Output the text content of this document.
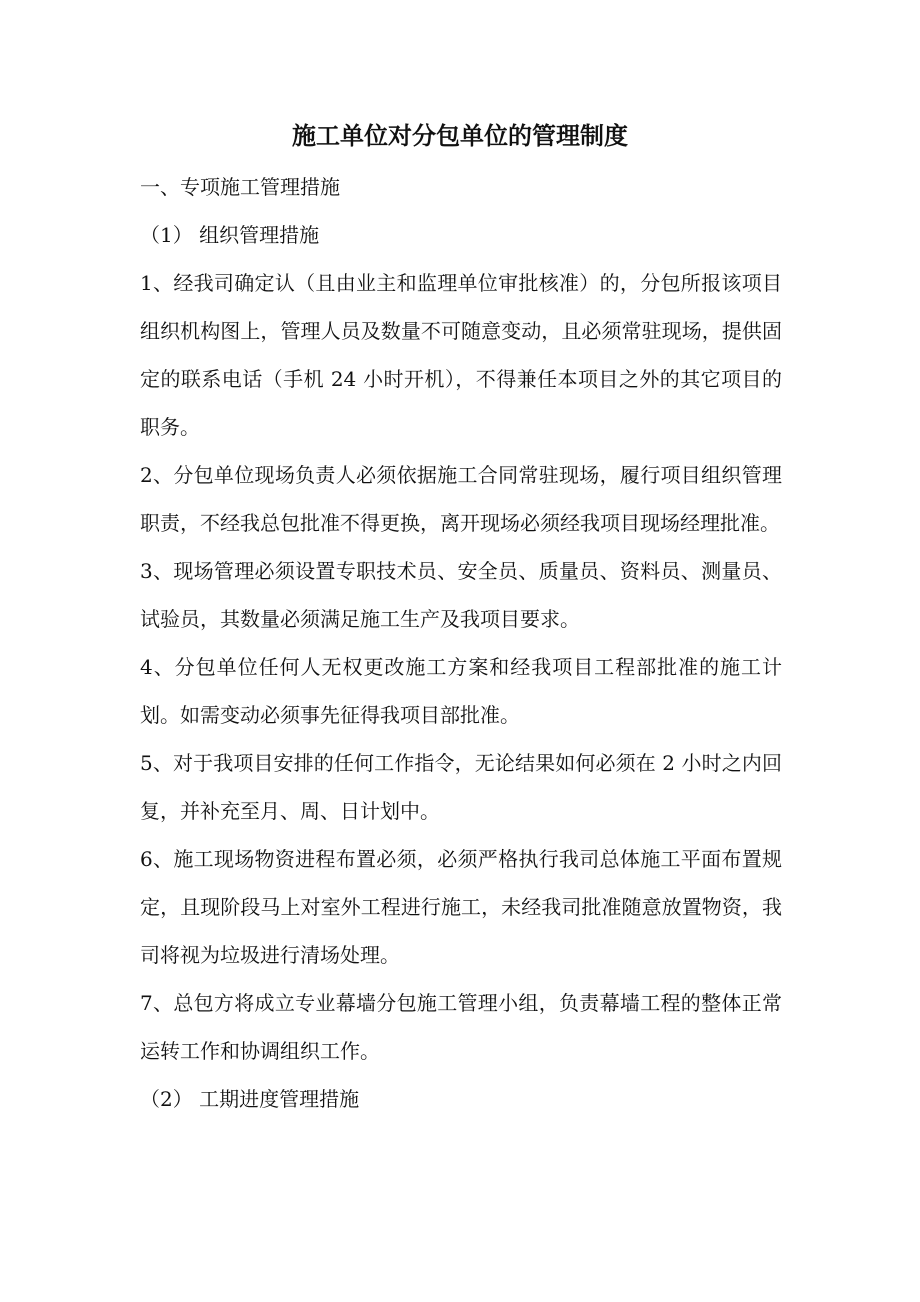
施工单位对分包单位的管理制度

一、专项施工管理措施

（1） 组织管理措施

1、经我司确定认（且由业主和监理单位审批核准）的，分包所报该项目组织机构图上，管理人员及数量不可随意变动，且必须常驻现场，提供固定的联系电话（手机 24 小时开机），不得兼任本项目之外的其它项目的职务。

2、分包单位现场负责人必须依据施工合同常驻现场，履行项目组织管理职责，不经我总包批准不得更换，离开现场必须经我项目现场经理批准。

3、现场管理必须设置专职技术员、安全员、质量员、资料员、测量员、试验员，其数量必须满足施工生产及我项目要求。

4、分包单位任何人无权更改施工方案和经我项目工程部批准的施工计划。如需变动必须事先征得我项目部批准。

5、对于我项目安排的任何工作指令，无论结果如何必须在 2 小时之内回复，并补充至月、周、日计划中。

6、施工现场物资进程布置必须，必须严格执行我司总体施工平面布置规定，且现阶段马上对室外工程进行施工，未经我司批准随意放置物资，我司将视为垃圾进行清场处理。

7、总包方将成立专业幕墙分包施工管理小组，负责幕墙工程的整体正常运转工作和协调组织工作。

（2） 工期进度管理措施
